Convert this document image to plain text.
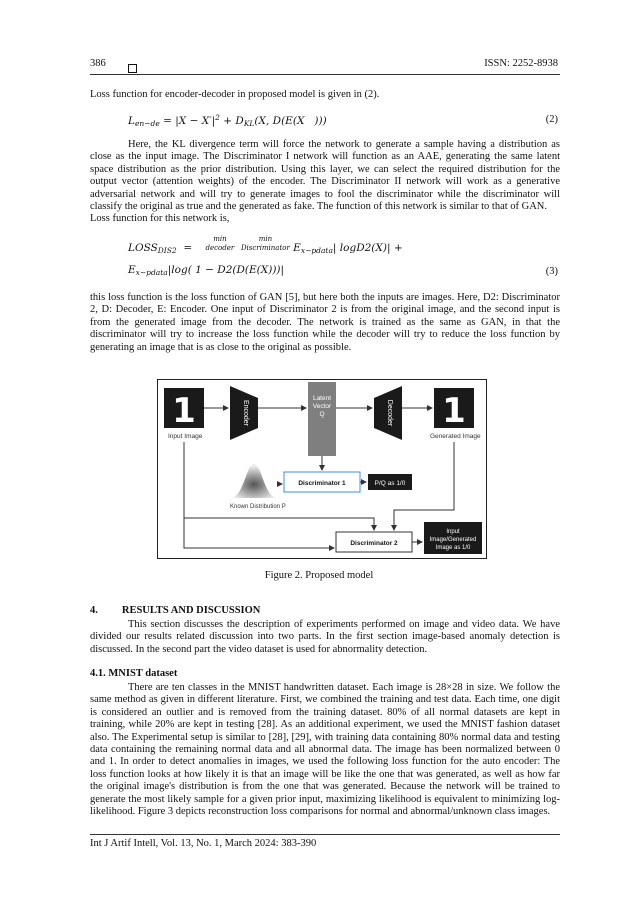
386	ISSN: 2252-8938
Loss function for encoder-decoder in proposed model is given in (2).
$L_{en-de} = |X - X'|^2 + D_{KL}(X$, D(E(X   )))	(2)
Here, the KL divergence term will force the network to generate a sample having a distribution as close as the input image. The Discriminator I network will function as an AAE, generating the same latent space distribution as the prior distribution. Using this layer, we can select the required distribution for the output vector (attention weights) of the encoder. The Discriminator II network will work as a generative adversarial network and will try to generate images to fool the discriminator while the discriminator will classify the original as true and the generated as fake. The function of this network is similar to that of GAN.
Loss function for this network is,
$LOSS_{DIS2}$  =    min
decoder  min
Discriminator $E_{x\sim pdata}|$ logD2(X)| +
$E_{x\sim pdata}|\log$( 1 − D2(D(E(X)))|	(3)
this loss function is the loss function of GAN [5], but here both the inputs are images. Here, D2: Discriminator 2, D: Decoder, E: Encoder. One input of Discriminator 2 is from the original image, and the second input is from the generated image from the decoder. The network is trained as the same as GAN, in that the discriminator will try to increase the loss function while the decoder will try to reduce the loss function by generating an image that is as close to the original as possible.
1
Input Image
Encoder
Latent
Vector
Q	Decoder 1
Generated Image
Discriminator 1	P/Q as 1/0
Known Distribution P
Discriminator 2
Input
Image/Generated
Image as 1/0
Figure 2. Proposed model
4. RESULTS AND DISCUSSION
This section discusses the description of experiments performed on image and video data. We have divided our results related discussion into two parts. In the first section image-based anomaly detection is discussed. In the second part the video dataset is used for abnormality detection.
4.1. MNIST dataset
There are ten classes in the MNIST handwritten dataset. Each image is 28×28 in size. We follow the same method as given in different literature. First, we combined the training and test data. Each time, one digit is considered an outlier and is removed from the training dataset. 80% of all normal datasets are kept in training, while 20% are kept in testing [28]. As an additional experiment, we used the MNIST fashion dataset also. The Experimental setup is similar to [28], [29], with training data containing 80% normal data and testing data containing the remaining normal data and all abnormal data. The image has been normalized between 0 and 1. In order to detect anomalies in images, we used the following loss function for the auto encoder: The loss function looks at how likely it is that an image will be like the one that was generated, as well as how far the original image's distribution is from the one that was generated. Because the network will be trained to generate the most likely sample for a given prior input, maximizing likelihood is equivalent to minimizing log-likelihood. Figure 3 depicts reconstruction loss comparisons for normal and abnormal/unknown class images.
Int J Artif Intell, Vol. 13, No. 1, March 2024: 383-390
